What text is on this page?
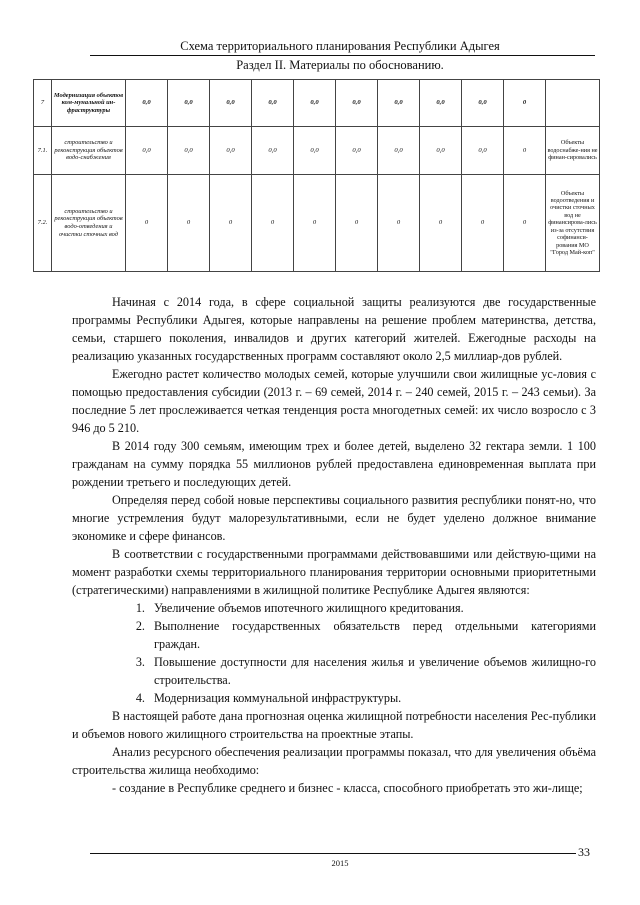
Схема территориального планирования Республики Адыгея
Раздел II. Материалы по обоснованию.
7	Модернизация объектов ком-мунальной ин-фраструктуры	0,0	0,0	0,0	0,0	0,0	0,0	0,0	0,0	0,0	0	
7.1.	строительство и реконструкция объектов водо-снабжения	0,0	0,0	0,0	0,0	0,0	0,0	0,0	0,0	0,0	0	Объекты водоснабже-ния не финан-сировались
7.2.	строительство и реконструкция объектов водо-отведения и очистки сточных вод	0	0	0	0	0	0	0	0	0	0	Объекты водоотведения и очистки сточных вод не финансирова-лись из-за отсутствия софинанси-рования МО "Город Май-коп"

Начиная с 2014 года, в сфере социальной защиты реализуются две государственные программы Республики Адыгея, которые направлены на решение проблем материнства, детства, семьи, старшего поколения, инвалидов и других категорий жителей. Ежегодные расходы на реализацию указанных государственных программ составляют около 2,5 миллиар-дов рублей.

Ежегодно растет количество молодых семей, которые улучшили свои жилищные ус-ловия с помощью предоставления субсидии (2013 г. – 69 семей, 2014 г. – 240 семей, 2015 г. – 243 семьи). За последние 5 лет прослеживается четкая тенденция роста многодетных семей: их число возросло с 3 946 до 5 210.

В 2014 году 300 семьям, имеющим трех и более детей, выделено 32 гектара земли. 1 100 гражданам на сумму порядка 55 миллионов рублей предоставлена единовременная выплата при рождении третьего и последующих детей.

Определяя перед собой новые перспективы социального развития республики понят-но, что многие устремления будут малорезультативными, если не будет уделено должное внимание экономике и сфере финансов.

В соответствии с государственными программами действовавшими или действую-щими на момент разработки схемы территориального планирования территории основными приоритетными (стратегическими) направлениями в жилищной политике Республике Адыгея являются:

1. Увеличение объемов ипотечного жилищного кредитования.
2. Выполнение государственных обязательств перед отдельными категориями граждан.
3. Повышение доступности для населения жилья и увеличение объемов жилищно-го строительства.
4. Модернизация коммунальной инфраструктуры.

В настоящей работе дана прогнозная оценка жилищной потребности населения Рес-публики и объемов нового жилищного строительства на проектные этапы.

Анализ ресурсного обеспечения реализации программы показал, что для увеличения объёма строительства жилища необходимо:

- создание в Республике среднего и бизнес - класса, способного приобретать это жи-лище;

33
2015
